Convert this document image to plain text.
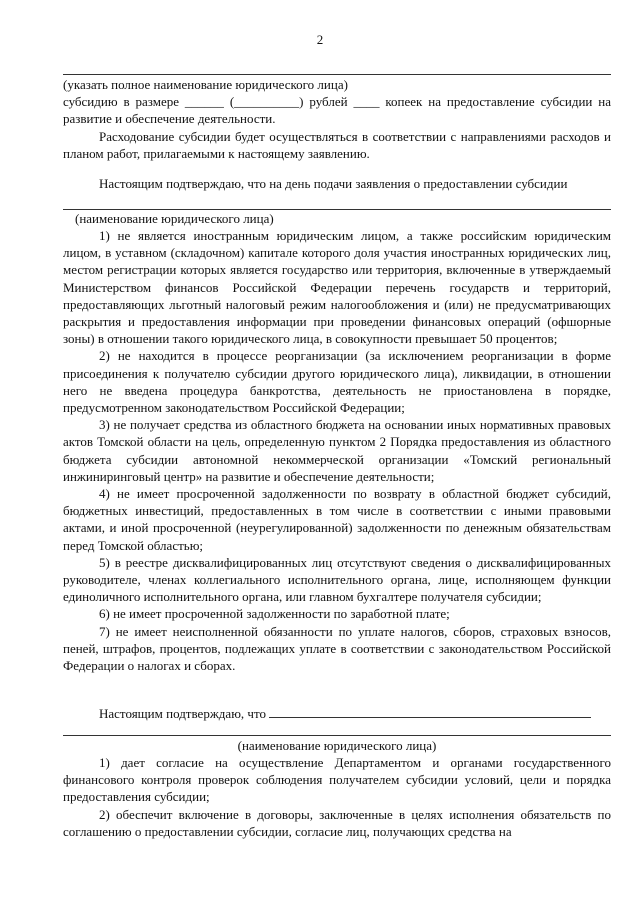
2

(указать полное наименование юридического лица)

субсидию в размере ______ (__________) рублей ____ копеек на предоставление субсидии на развитие и обеспечение деятельности.

Расходование субсидии будет осуществляться в соответствии с направлениями расходов и планом работ, прилагаемыми к настоящему заявлению.

Настоящим подтверждаю, что на день подачи заявления о предоставлении субсидии

(наименование юридического лица)

1) не является иностранным юридическим лицом, а также российским юридическим лицом, в уставном (складочном) капитале которого доля участия иностранных юридических лиц, местом регистрации которых является государство или территория, включенные в утверждаемый Министерством финансов Российской Федерации перечень государств и территорий, предоставляющих льготный налоговый режим налогообложения и (или) не предусматривающих раскрытия и предоставления информации при проведении финансовых операций (офшорные зоны) в отношении такого юридического лица, в совокупности превышает 50 процентов;

2) не находится в процессе реорганизации (за исключением реорганизации в форме присоединения к получателю субсидии другого юридического лица), ликвидации, в отношении него не введена процедура банкротства, деятельность не приостановлена в порядке, предусмотренном законодательством Российской Федерации;

3) не получает средства из областного бюджета на основании иных нормативных правовых актов Томской области на цель, определенную пунктом 2 Порядка предоставления из областного бюджета субсидии автономной некоммерческой организации «Томский региональный инжиниринговый центр» на развитие и обеспечение деятельности;

4) не имеет просроченной задолженности по возврату в областной бюджет субсидий, бюджетных инвестиций, предоставленных в том числе в соответствии с иными правовыми актами, и иной просроченной (неурегулированной) задолженности по денежным обязательствам перед Томской областью;

5) в реестре дисквалифицированных лиц отсутствуют сведения о дисквалифицированных руководителе, членах коллегиального исполнительного органа, лице, исполняющем функции единоличного исполнительного органа, или главном бухгалтере получателя субсидии;

6) не имеет просроченной задолженности по заработной плате;

7) не имеет неисполненной обязанности по уплате налогов, сборов, страховых взносов, пеней, штрафов, процентов, подлежащих уплате в соответствии с законодательством Российской Федерации о налогах и сборах.

Настоящим подтверждаю, что

(наименование юридического лица)

1) дает согласие на осуществление Департаментом и органами государственного финансового контроля проверок соблюдения получателем субсидии условий, цели и порядка предоставления субсидии;

2) обеспечит включение в договоры, заключенные в целях исполнения обязательств по соглашению о предоставлении субсидии, согласие лиц, получающих средства на
